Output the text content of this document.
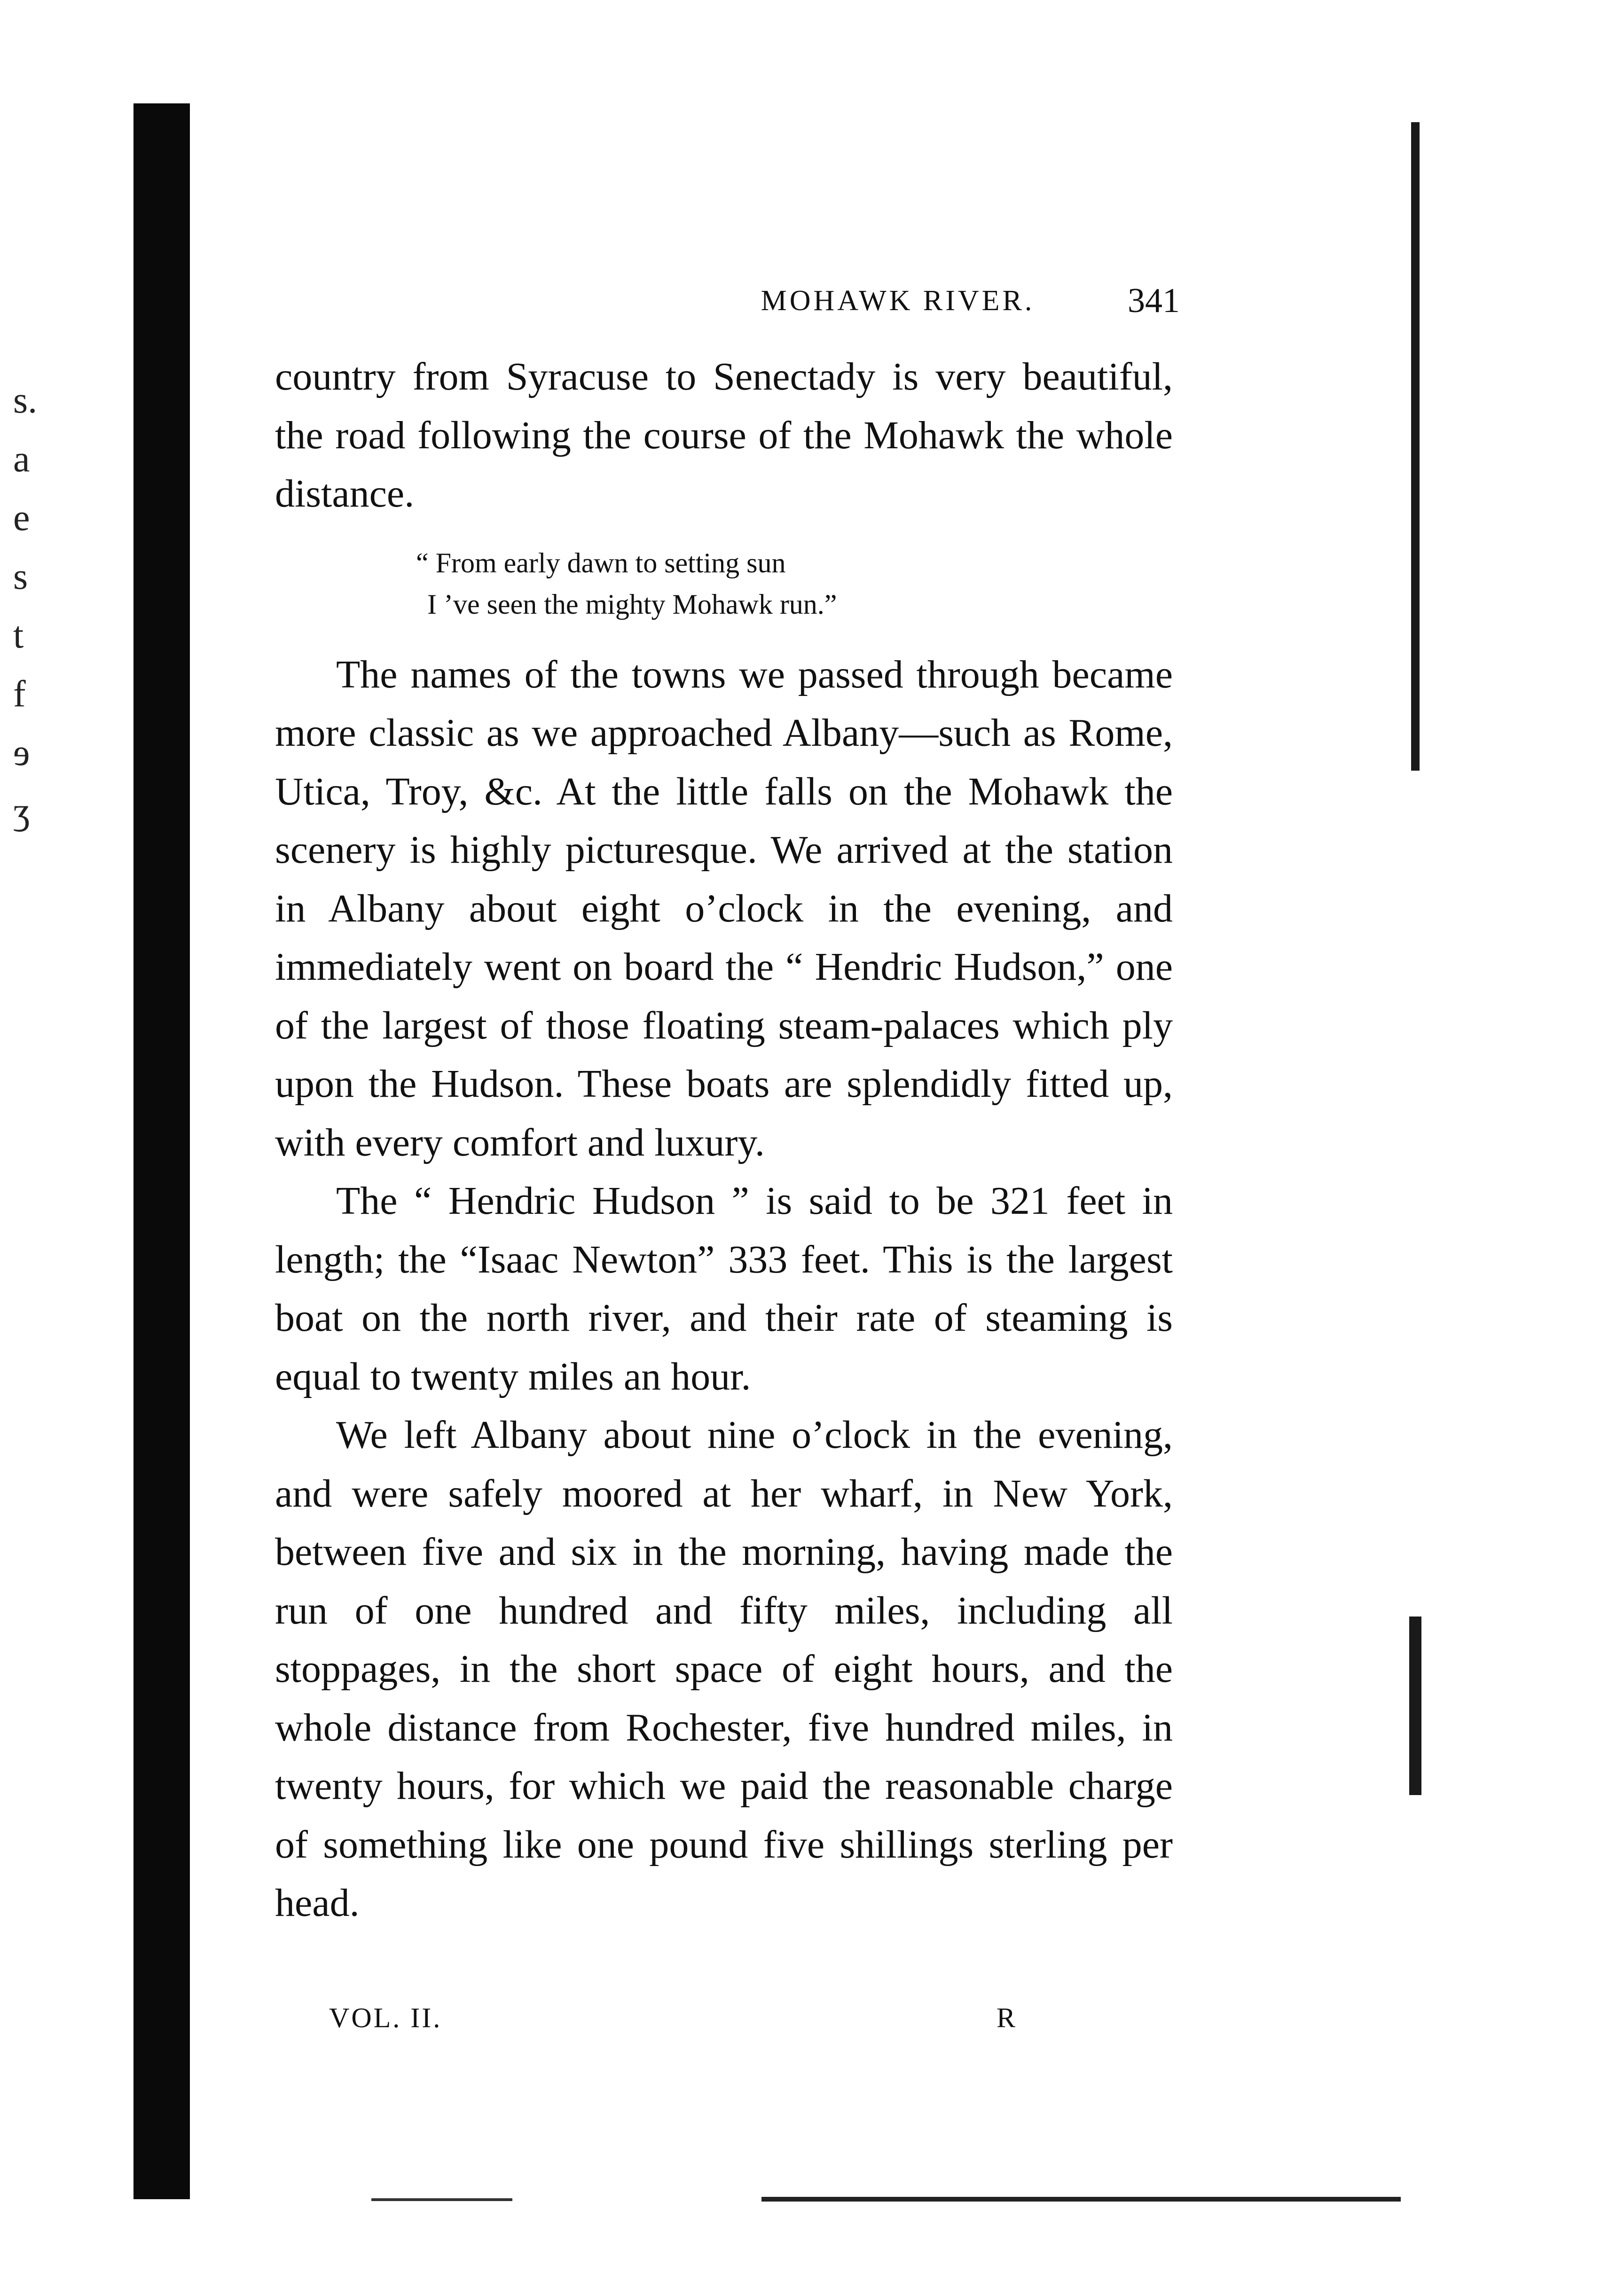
s.
a
e
s
t
f
ɘ
ʒ
MOHAWK RIVER.	341

country from Syracuse to Senectady is very beautiful, the road following the course of the Mohawk the whole distance.

“ From early dawn to setting sun
I ’ve seen the mighty Mohawk run.”

The names of the towns we passed through became more classic as we approached Albany—such as Rome, Utica, Troy, &c. At the little falls on the Mohawk the scenery is highly picturesque. We arrived at the station in Albany about eight o’clock in the evening, and immediately went on board the “ Hendric Hudson,” one of the largest of those floating steam-palaces which ply upon the Hudson. These boats are splendidly fitted up, with every comfort and luxury.

The “ Hendric Hudson ” is said to be 321 feet in length; the “Isaac Newton” 333 feet. This is the largest boat on the north river, and their rate of steaming is equal to twenty miles an hour.

We left Albany about nine o’clock in the evening, and were safely moored at her wharf, in New York, between five and six in the morning, having made the run of one hundred and fifty miles, including all stoppages, in the short space of eight hours, and the whole distance from Rochester, five hundred miles, in twenty hours, for which we paid the reasonable charge of something like one pound five shillings sterling per head.

VOL. II.	R
